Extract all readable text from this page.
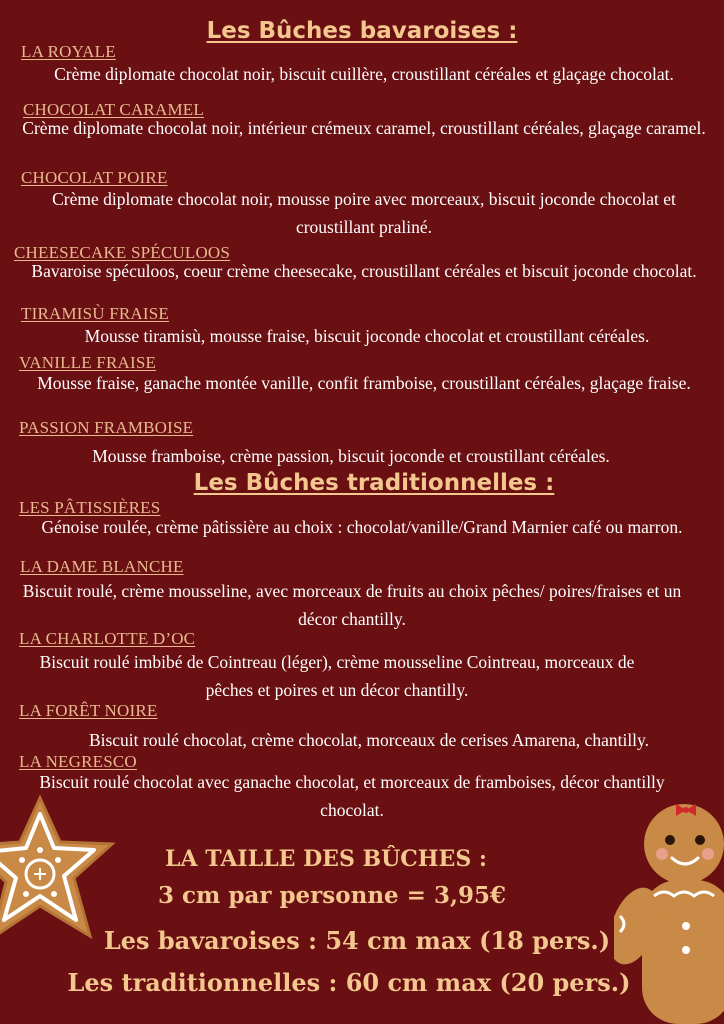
Les Bûches bavaroises :
LA ROYALE
Crème diplomate chocolat noir, biscuit cuillère, croustillant céréales et glaçage chocolat.
CHOCOLAT CARAMEL
Crème diplomate chocolat noir, intérieur crémeux caramel, croustillant céréales, glaçage caramel.
CHOCOLAT POIRE
Crème diplomate chocolat noir, mousse poire avec morceaux, biscuit joconde chocolat et croustillant praliné.
CHEESECAKE SPÉCULOOS
Bavaroise spéculoos, coeur crème cheesecake, croustillant céréales et biscuit joconde chocolat.
TIRAMISÙ FRAISE
Mousse tiramisù, mousse fraise, biscuit joconde chocolat et croustillant céréales.
VANILLE FRAISE
Mousse fraise, ganache montée vanille, confit framboise, croustillant céréales, glaçage fraise.
PASSION FRAMBOISE
Mousse framboise, crème passion, biscuit joconde et croustillant céréales.
Les Bûches traditionnelles :
LES PÂTISSIÈRES
Génoise roulée, crème pâtissière au choix : chocolat/vanille/Grand Marnier café ou marron.
LA DAME BLANCHE
Biscuit roulé, crème mousseline, avec morceaux de fruits au choix pêches/ poires/fraises et un décor chantilly.
LA CHARLOTTE D’OC
Biscuit roulé imbibé de Cointreau (léger), crème mousseline Cointreau, morceaux de pêches et poires et un décor chantilly.
LA FORÊT NOIRE
Biscuit roulé chocolat, crème chocolat, morceaux de cerises Amarena, chantilly.
LA NEGRESCO
Biscuit roulé chocolat avec ganache chocolat, et morceaux de framboises, décor chantilly chocolat.
LA TAILLE DES BÛCHES :
3 cm par personne = 3,95€
Les bavaroises : 54 cm max (18 pers.)
Les traditionnelles : 60 cm max (20 pers.)
